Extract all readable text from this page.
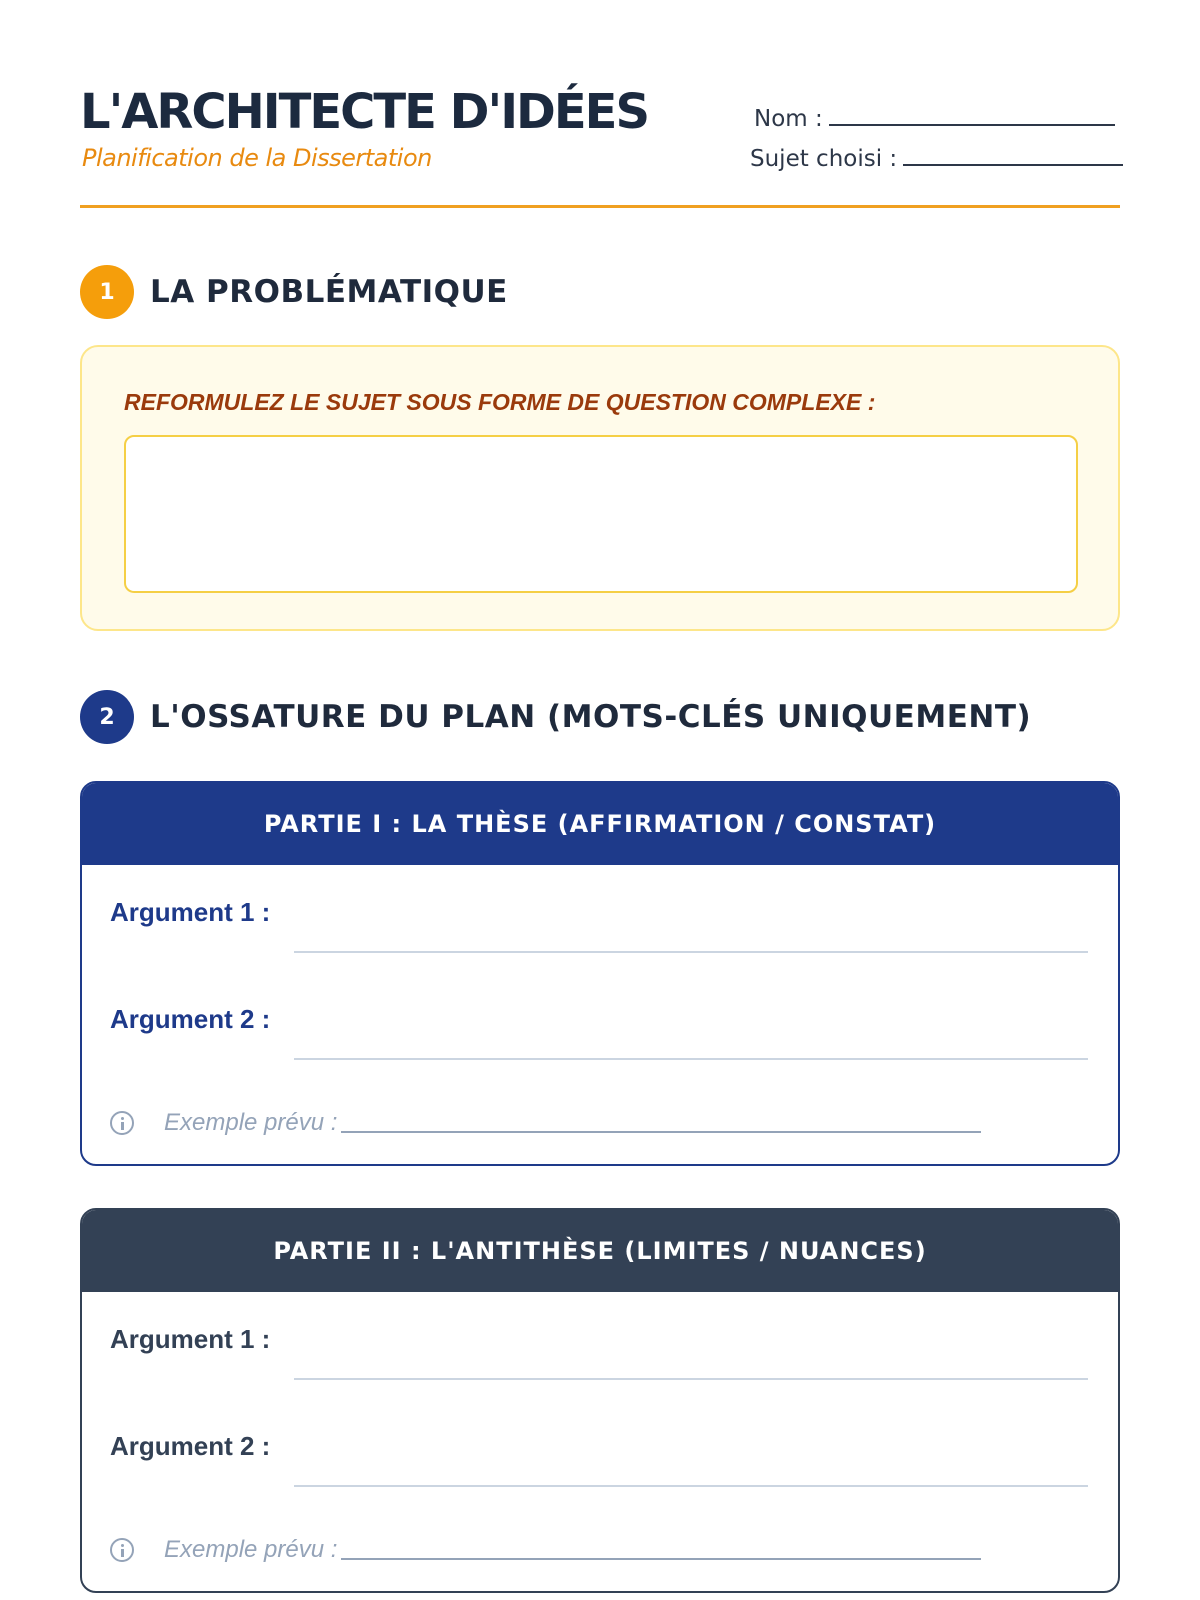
L'ARCHITECTE D'IDÉES
Planification de la Dissertation
Nom :
Sujet choisi :
1	LA PROBLÉMATIQUE
REFORMULEZ LE SUJET SOUS FORME DE QUESTION COMPLEXE :
2	L'OSSATURE DU PLAN (MOTS-CLÉS UNIQUEMENT)
PARTIE I : LA THÈSE (AFFIRMATION / CONSTAT)
Argument 1 :
Argument 2 :
Exemple prévu :
PARTIE II : L'ANTITHÈSE (LIMITES / NUANCES)
Argument 1 :
Argument 2 :
Exemple prévu :
